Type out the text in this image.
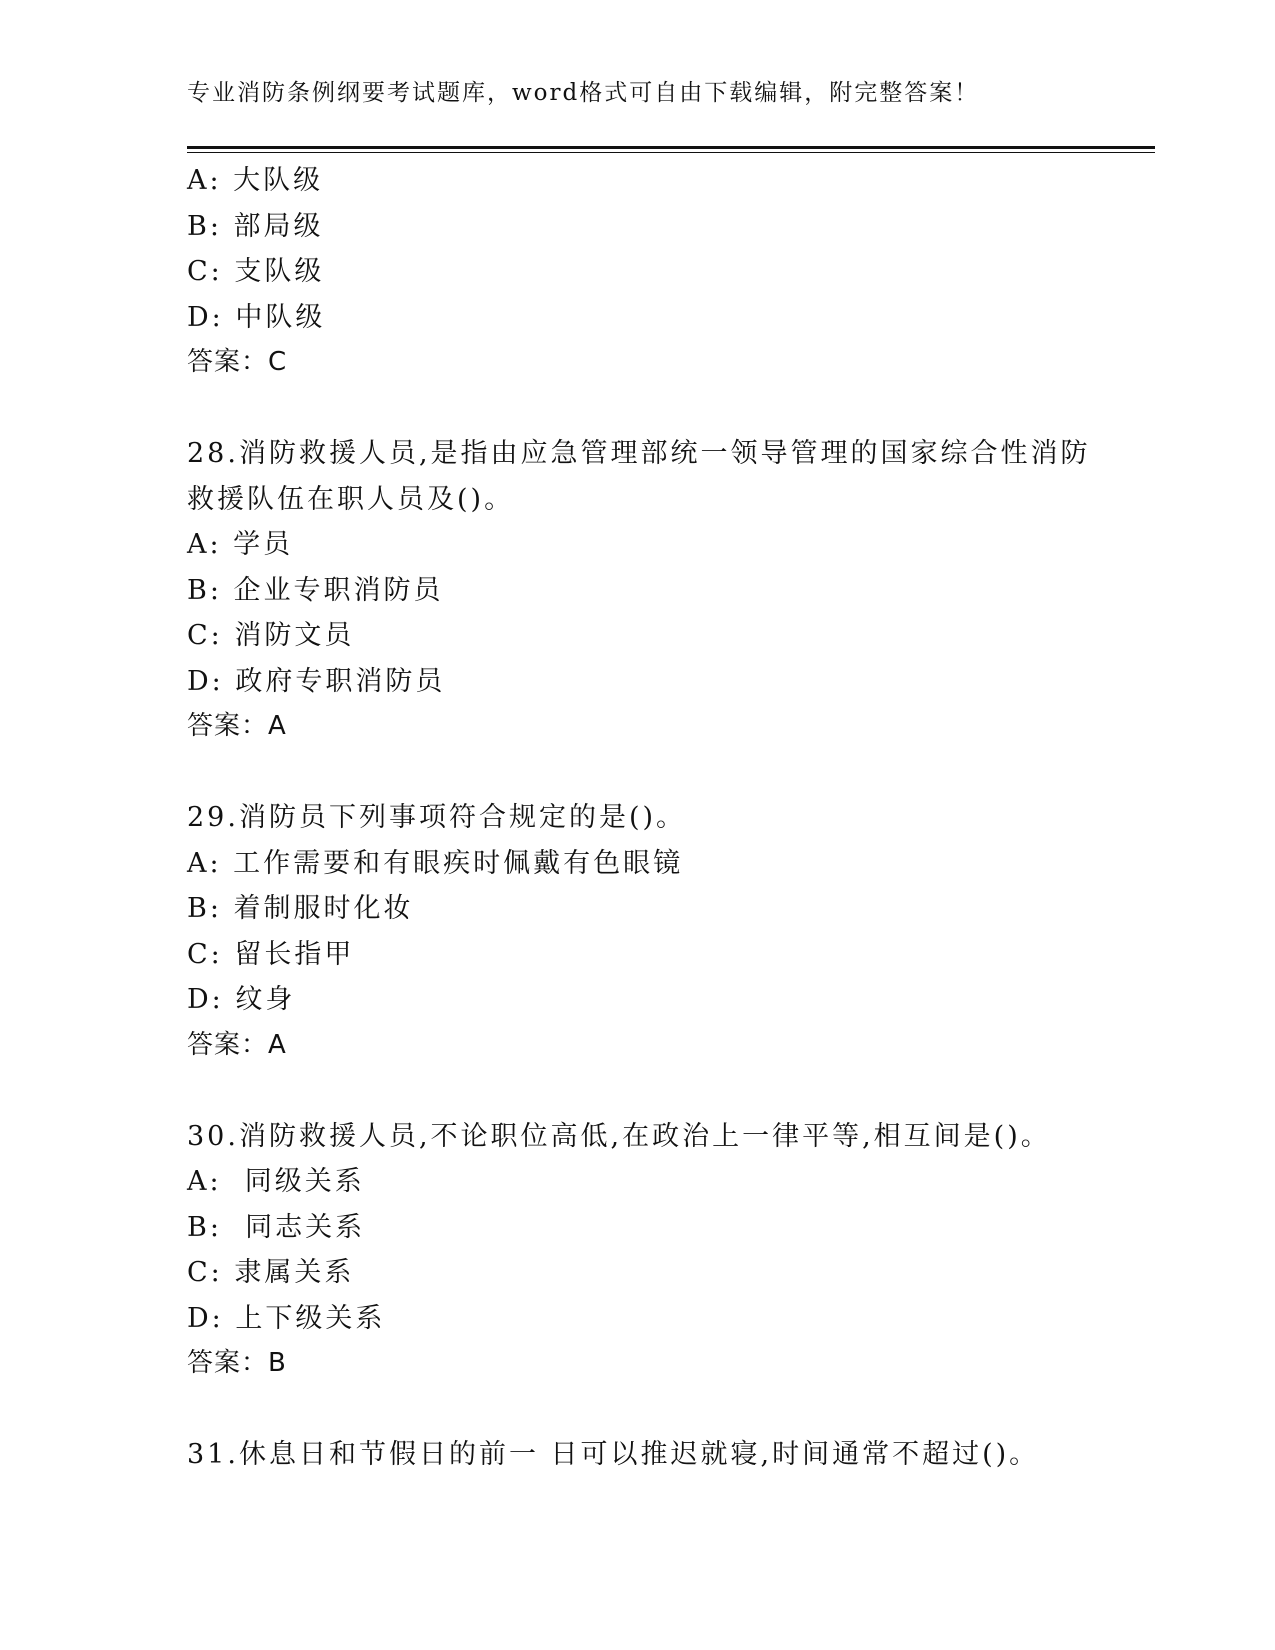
专业消防条例纲要考试题库，word格式可自由下载编辑，附完整答案！
A: 大队级
B: 部局级
C: 支队级
D: 中队级
答案：C
28.消防救援人员,是指由应急管理部统一领导管理的国家综合性消防
救援队伍在职人员及()。
A: 学员
B: 企业专职消防员
C: 消防文员
D: 政府专职消防员
答案：A
29.消防员下列事项符合规定的是()。
A: 工作需要和有眼疾时佩戴有色眼镜
B: 着制服时化妆
C: 留长指甲
D: 纹身
答案：A
30.消防救援人员,不论职位高低,在政治上一律平等,相互间是()。
A:  同级关系
B:  同志关系
C: 隶属关系
D: 上下级关系
答案：B
31.休息日和节假日的前一 日可以推迟就寝,时间通常不超过()。
